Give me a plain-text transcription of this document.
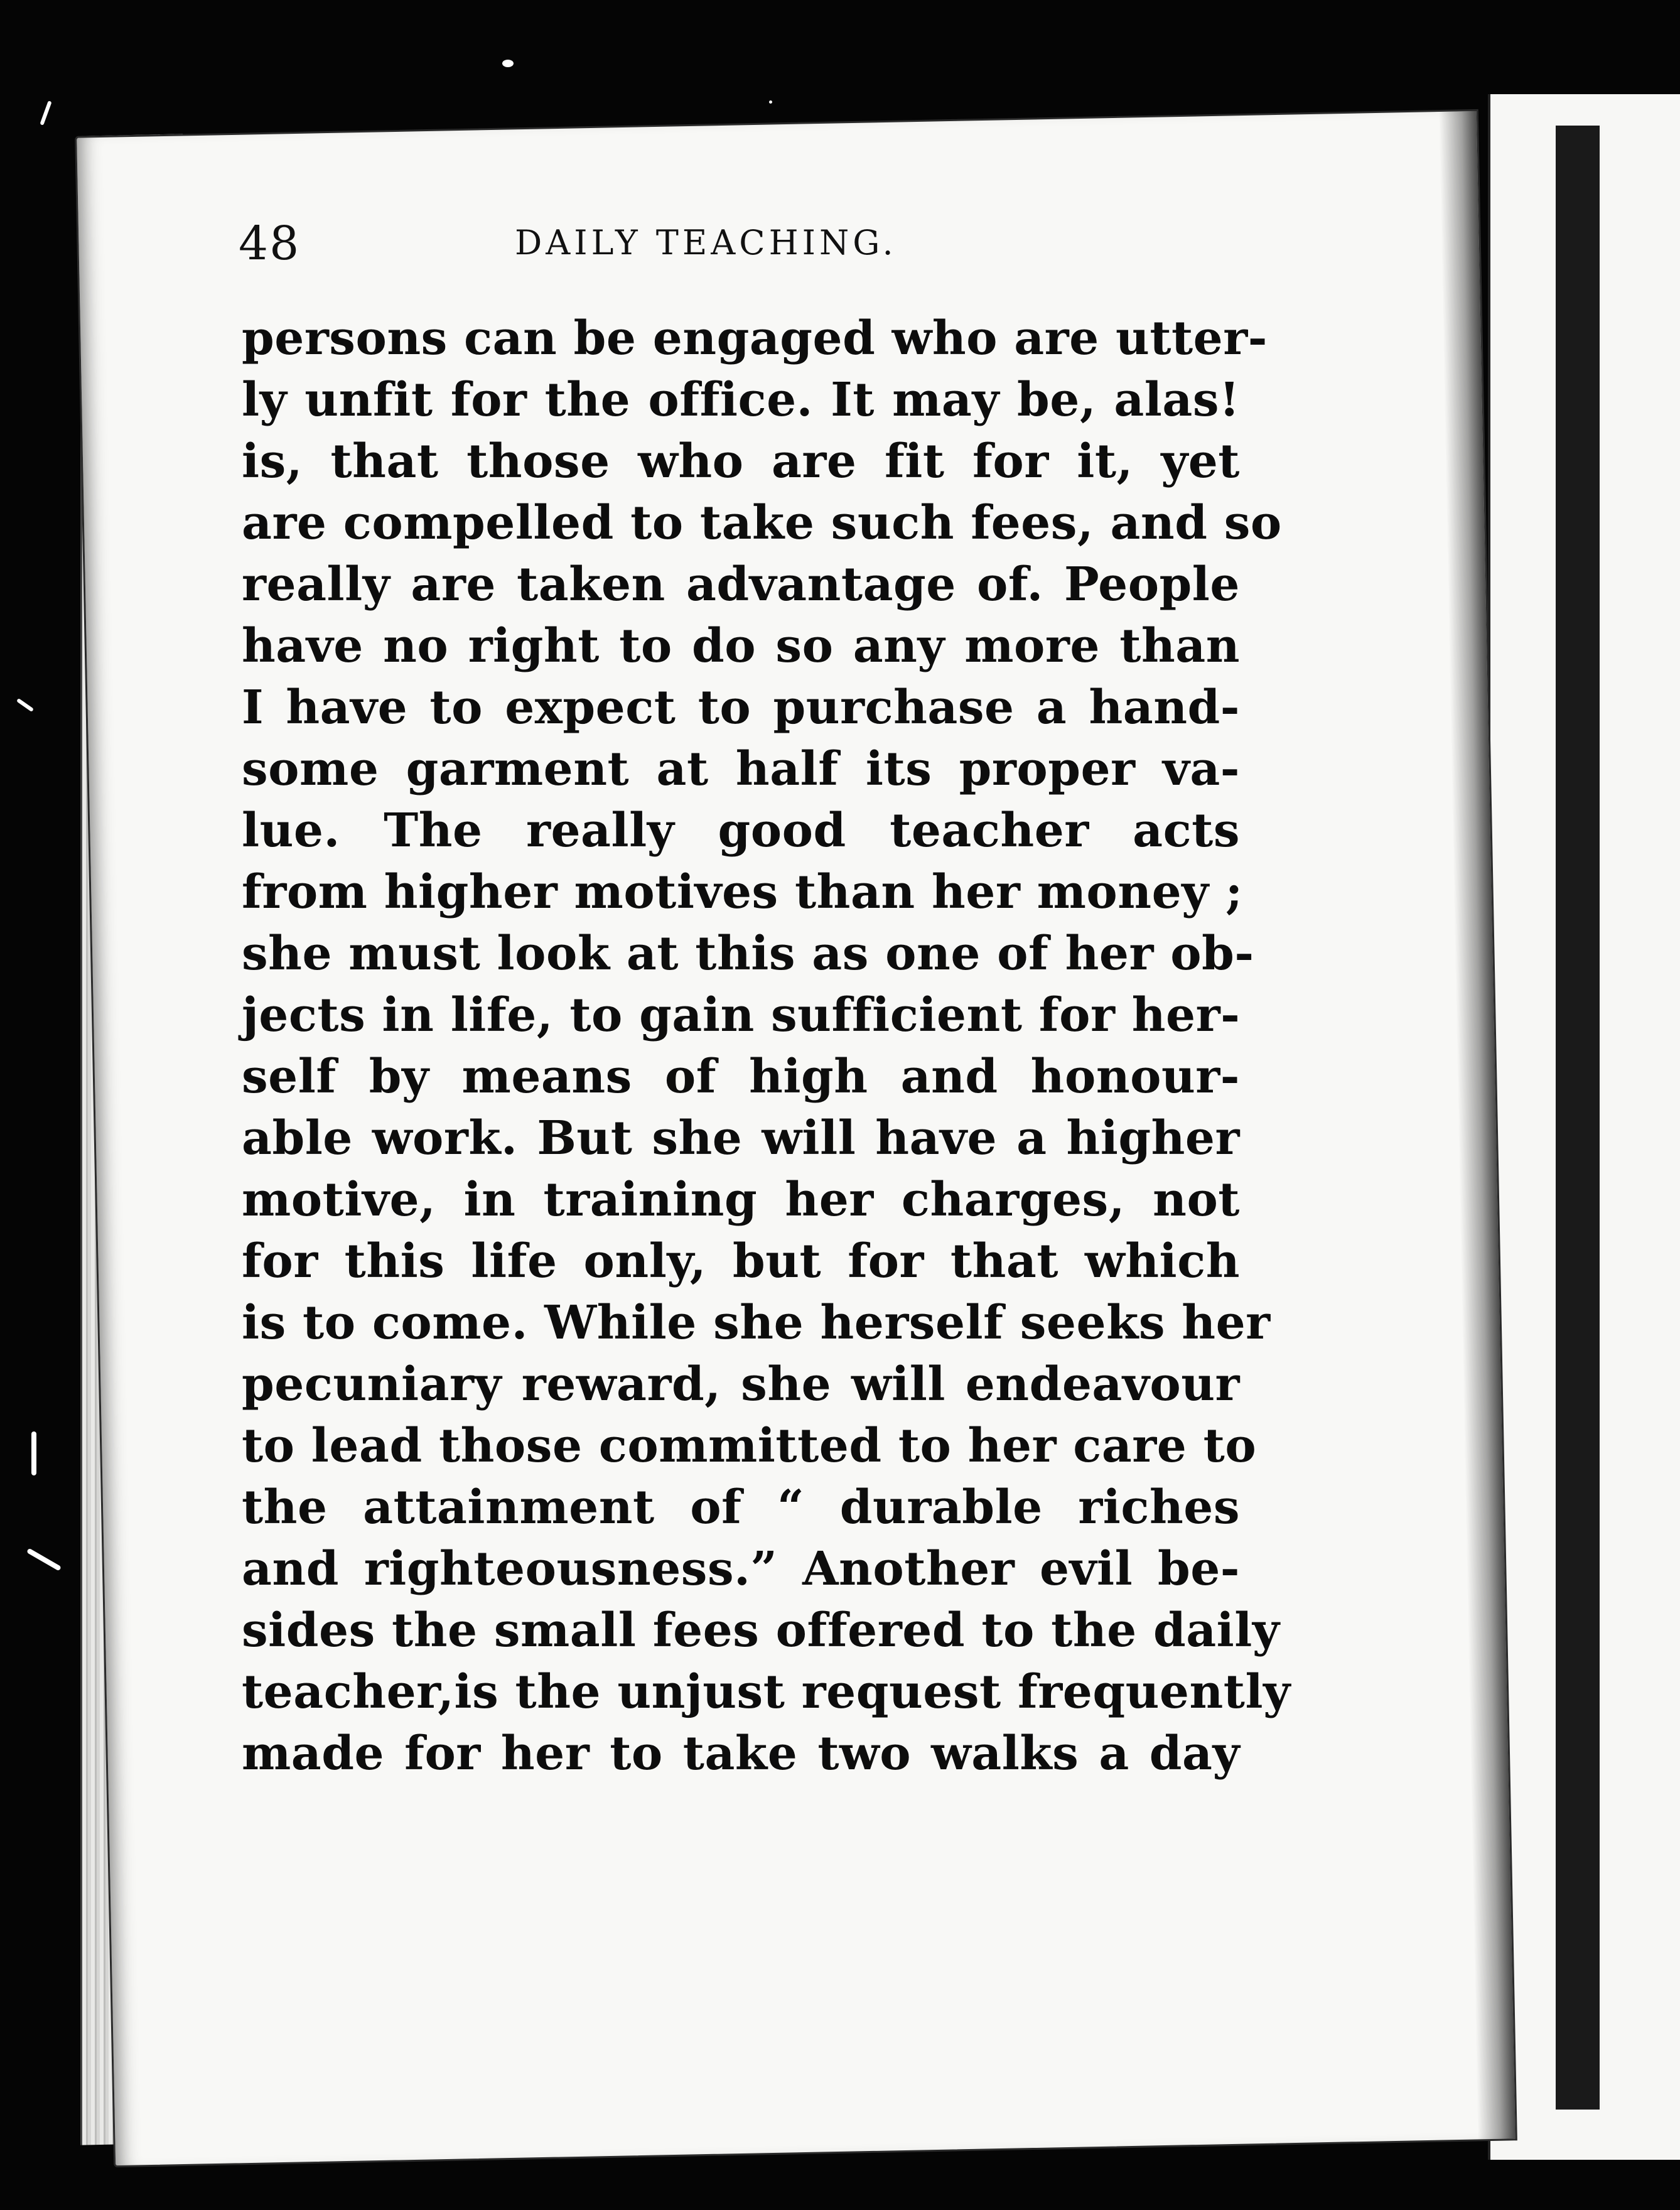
48	DAILY TEACHING.
persons can be engaged who are utter-
ly unfit for the office. It may be, alas!
is, that those who are fit for it, yet
are compelled to take such fees, and so
really are taken advantage of. People
have no right to do so any more than
I have to expect to purchase a hand-
some garment at half its proper va-
lue. The really good teacher acts
from higher motives than her money ;
she must look at this as one of her ob-
jects in life, to gain sufficient for her-
self by means of high and honour-
able work. But she will have a higher
motive, in training her charges, not
for this life only, but for that which
is to come. While she herself seeks her
pecuniary reward, she will endeavour
to lead those committed to her care to
the attainment of “ durable riches
and righteousness.” Another evil be-
sides the small fees offered to the daily
teacher,is the unjust request frequently
made for her to take two walks a day
